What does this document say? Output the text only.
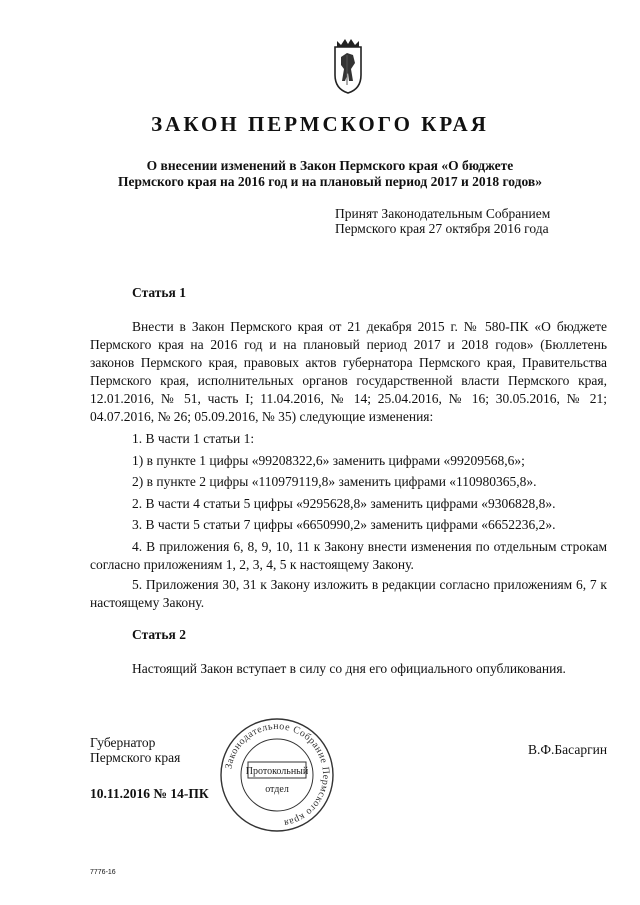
ЗАКОН ПЕРМСКОГО КРАЯ
О внесении изменений в Закон Пермского края «О бюджете
Пермского края на 2016 год и на плановый период 2017 и 2018 годов»
Принят Законодательным Собранием
Пермского края 27 октября 2016 года
Статья 1
Внести в Закон Пермского края от 21 декабря 2015 г. № 580-ПК «О бюджете Пермского края на 2016 год и на плановый период 2017 и 2018 годов» (Бюллетень законов Пермского края, правовых актов губернатора Пермского края, Правительства Пермского края, исполнительных органов государственной власти Пермского края, 12.01.2016, № 51, часть I; 11.04.2016, № 14; 25.04.2016, № 16; 30.05.2016, № 21; 04.07.2016, № 26; 05.09.2016, № 35) следующие изменения:

1. В части 1 статьи 1:

1) в пункте 1 цифры «99208322,6» заменить цифрами «99209568,6»;

2) в пункте 2 цифры «110979119,8» заменить цифрами «110980365,8».

2. В части 4 статьи 5 цифры «9295628,8» заменить цифрами «9306828,8».

3. В части 5 статьи 7 цифры «6650990,2» заменить цифрами «6652236,2».

4. В приложения 6, 8, 9, 10, 11 к Закону внести изменения по отдельным строкам согласно приложениям 1, 2, 3, 4, 5 к настоящему Закону.

5. Приложения 30, 31 к Закону изложить в редакции согласно приложениям 6, 7 к настоящему Закону.

Статья 2
Настоящий Закон вступает в силу со дня его официального опубликования.
Губернатор
Пермского края
В.Ф.Басаргин
10.11.2016 № 14-ПК
Законодательное Собрание Пермского края
Протокольный
отдел
7776-16
